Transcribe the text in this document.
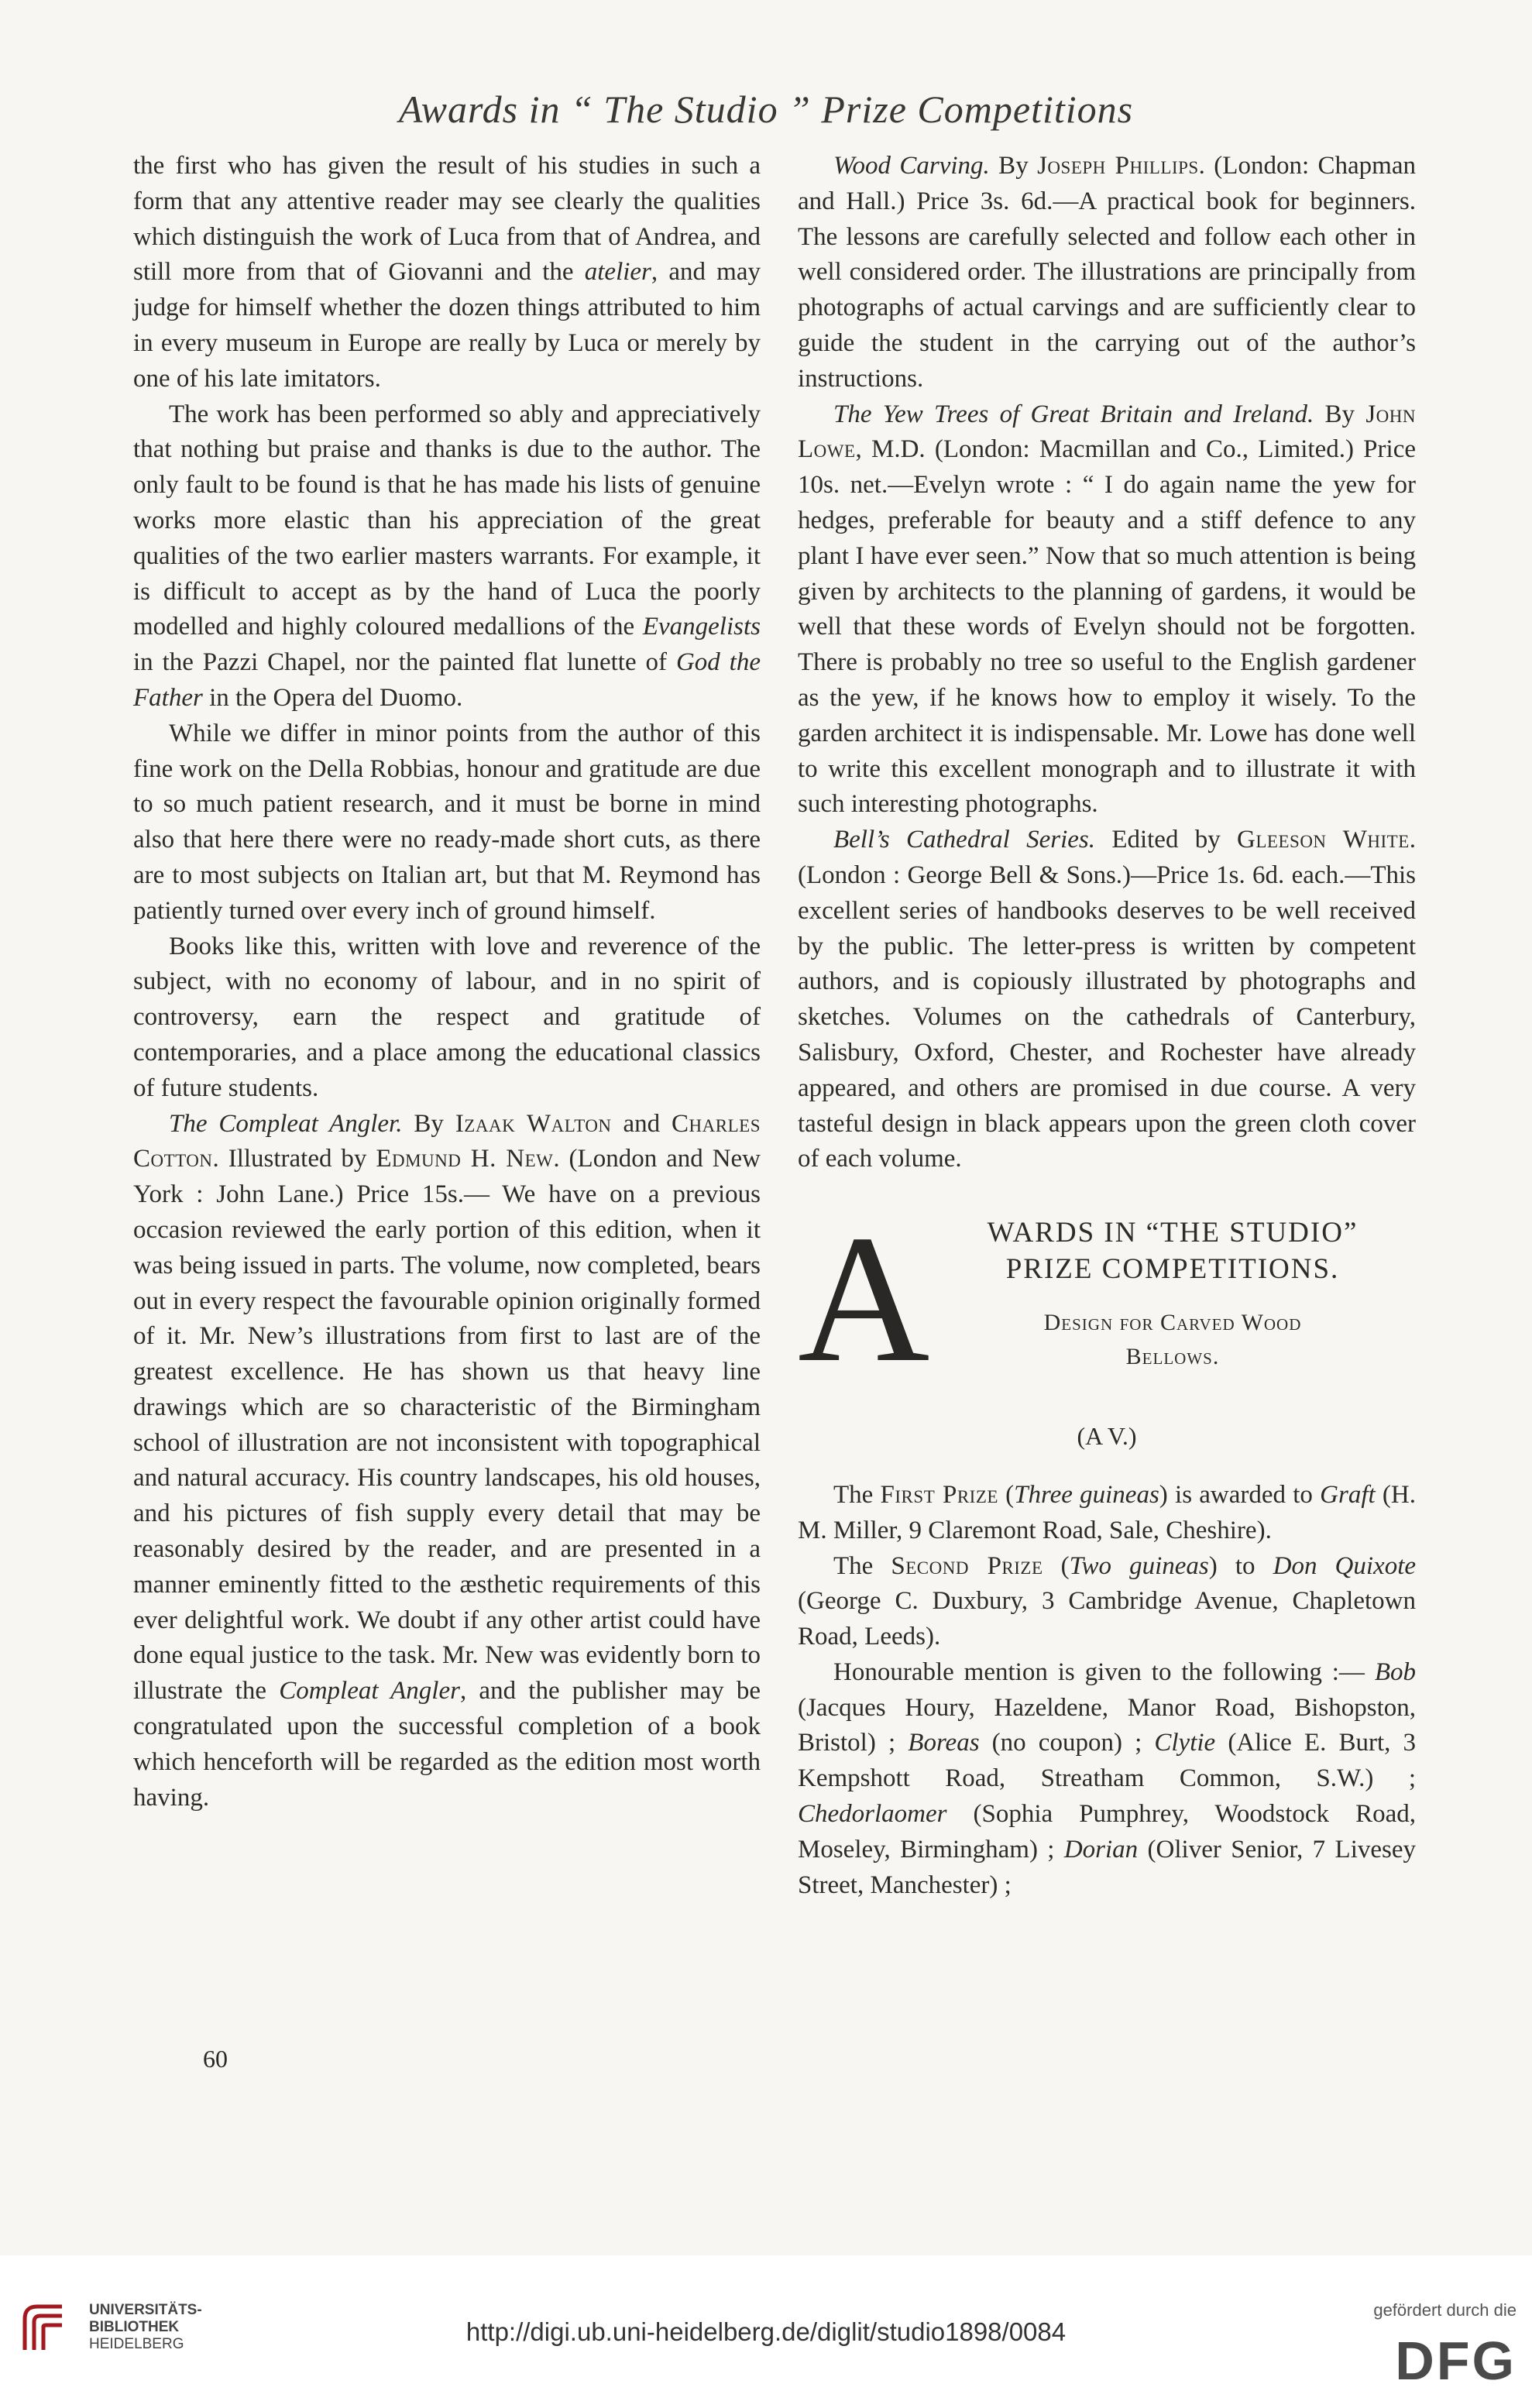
Awards in “ The Studio ” Prize Competitions

the first who has given the result of his studies in such a form that any attentive reader may see clearly the qualities which distinguish the work of Luca from that of Andrea, and still more from that of Giovanni and the atelier, and may judge for himself whether the dozen things attributed to him in every museum in Europe are really by Luca or merely by one of his late imitators.

The work has been performed so ably and appreciatively that nothing but praise and thanks is due to the author. The only fault to be found is that he has made his lists of genuine works more elastic than his appreciation of the great qualities of the two earlier masters warrants. For example, it is difficult to accept as by the hand of Luca the poorly modelled and highly coloured medallions of the Evangelists in the Pazzi Chapel, nor the painted flat lunette of God the Father in the Opera del Duomo.

While we differ in minor points from the author of this fine work on the Della Robbias, honour and gratitude are due to so much patient research, and it must be borne in mind also that here there were no ready-made short cuts, as there are to most subjects on Italian art, but that M. Reymond has patiently turned over every inch of ground himself.

Books like this, written with love and reverence of the subject, with no economy of labour, and in no spirit of controversy, earn the respect and gratitude of contemporaries, and a place among the educational classics of future students.

The Compleat Angler. By Izaak Walton and Charles Cotton. Illustrated by Edmund H. New. (London and New York : John Lane.) Price 15s.— We have on a previous occasion reviewed the early portion of this edition, when it was being issued in parts. The volume, now completed, bears out in every respect the favourable opinion originally formed of it. Mr. New’s illustrations from first to last are of the greatest excellence. He has shown us that heavy line drawings which are so characteristic of the Birmingham school of illustration are not inconsistent with topographical and natural accuracy. His country landscapes, his old houses, and his pictures of fish supply every detail that may be reasonably desired by the reader, and are presented in a manner eminently fitted to the æsthetic requirements of this ever delightful work. We doubt if any other artist could have done equal justice to the task. Mr. New was evidently born to illustrate the Compleat Angler, and the publisher may be congratulated upon the successful completion of a book which henceforth will be regarded as the edition most worth having.

60

Wood Carving. By Joseph Phillips. (London: Chapman and Hall.) Price 3s. 6d.—A practical book for beginners. The lessons are carefully selected and follow each other in well considered order. The illustrations are principally from photographs of actual carvings and are sufficiently clear to guide the student in the carrying out of the author’s instructions.

The Yew Trees of Great Britain and Ireland. By John Lowe, M.D. (London: Macmillan and Co., Limited.) Price 10s. net.—Evelyn wrote : “ I do again name the yew for hedges, preferable for beauty and a stiff defence to any plant I have ever seen.” Now that so much attention is being given by architects to the planning of gardens, it would be well that these words of Evelyn should not be forgotten. There is probably no tree so useful to the English gardener as the yew, if he knows how to employ it wisely. To the garden architect it is indispensable. Mr. Lowe has done well to write this excellent monograph and to illustrate it with such interesting photographs.

Bell’s Cathedral Series. Edited by Gleeson White. (London : George Bell & Sons.)—Price 1s. 6d. each.—This excellent series of handbooks deserves to be well received by the public. The letter-press is written by competent authors, and is copiously illustrated by photographs and sketches. Volumes on the cathedrals of Canterbury, Salisbury, Oxford, Chester, and Rochester have already appeared, and others are promised in due course. A very tasteful design in black appears upon the green cloth cover of each volume.

A	WARDS IN “THE STUDIO”
PRIZE COMPETITIONS.
Design for Carved Wood
Bellows.
(A V.)

The First Prize (Three guineas) is awarded to Graft (H. M. Miller, 9 Claremont Road, Sale, Cheshire).

The Second Prize (Two guineas) to Don Quixote (George C. Duxbury, 3 Cambridge Avenue, Chapletown Road, Leeds).

Honourable mention is given to the following :— Bob (Jacques Houry, Hazeldene, Manor Road, Bishopston, Bristol) ; Boreas (no coupon) ; Clytie (Alice E. Burt, 3 Kempshott Road, Streatham Common, S.W.) ; Chedorlaomer (Sophia Pumphrey, Woodstock Road, Moseley, Birmingham) ; Dorian (Oliver Senior, 7 Livesey Street, Manchester) ;

UNIVERSITÄTS-
BIBLIOTHEK
HEIDELBERG	http://digi.ub.uni-heidelberg.de/diglit/studio1898/0084
gefördert durch die
DFG
